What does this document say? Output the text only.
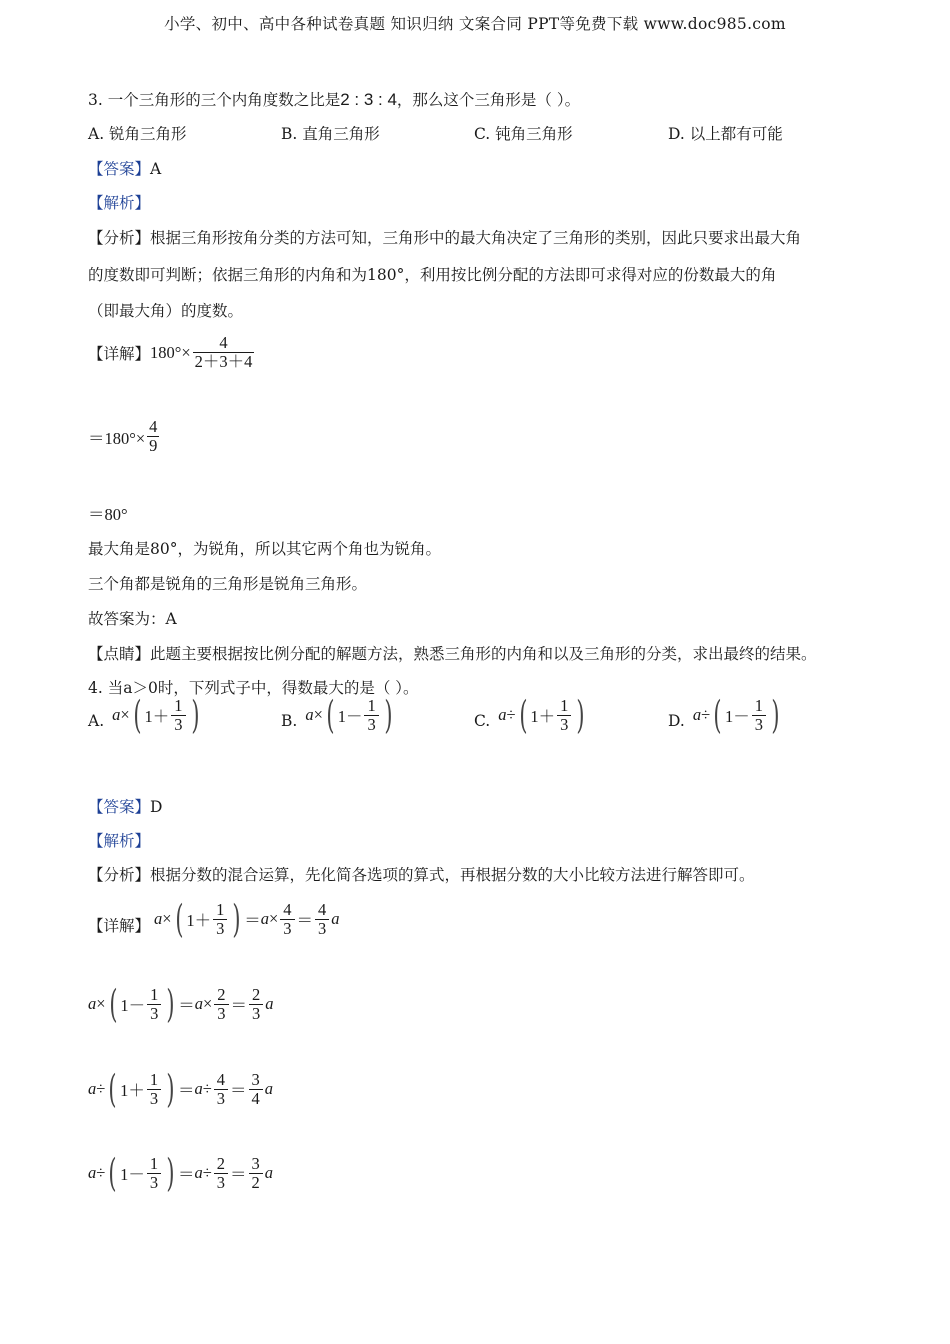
小学、初中、高中各种试卷真题 知识归纳 文案合同 PPT等免费下载 www.doc985.com
3. 一个三角形的三个内角度数之比是2 : 3 : 4，那么这个三角形是（ ）。
A. 锐角三角形	B. 直角三角形	C. 钝角三角形	D. 以上都有可能
【答案】A
【解析】
【分析】根据三角形按角分类的方法可知，三角形中的最大角决定了三角形的类别，因此只要求出最大角
的度数即可判断；依据三角形的内角和为180°，利用按比例分配的方法即可求得对应的份数最大的角
（即最大角）的度数。
【详解】 $180^\circ\times \frac{4}{2+3+4}$
$=180^\circ\times \frac{4}{9}$
＝80°
最大角是80°，为锐角，所以其它两个角也为锐角。
三个角都是锐角的三角形是锐角三角形。
故答案为：A
【点睛】此题主要根据按比例分配的解题方法，熟悉三角形的内角和以及三角形的分类，求出最终的结果。
4. 当a＞0时，下列式子中，得数最大的是（ ）。
A. a × ( $1+ \frac{1}{3}$ )	B. a × ( $1- \frac{1}{3}$ )	C. a ÷ ( $1+ \frac{1}{3}$ )	D. a ÷ ( $1- \frac{1}{3}$ )
【答案】D
【解析】
【分析】根据分数的混合运算，先化简各选项的算式，再根据分数的大小比较方法进行解答即可。
【详解】 a × ( $1+ \frac{1}{3}$ ) ＝ $a \times \frac{4}{3} = \frac{4}{3}$ a
a × ( $1- \frac{1}{3}$ ) ＝ $a \times \frac{2}{3} = \frac{2}{3}$ a
a ÷ ( $1+ \frac{1}{3}$ ) ＝ $a \div \frac{4}{3} = \frac{3}{4}$ a
a ÷ ( $1- \frac{1}{3}$ ) ＝ $a \div \frac{2}{3} = \frac{3}{2}$ a
